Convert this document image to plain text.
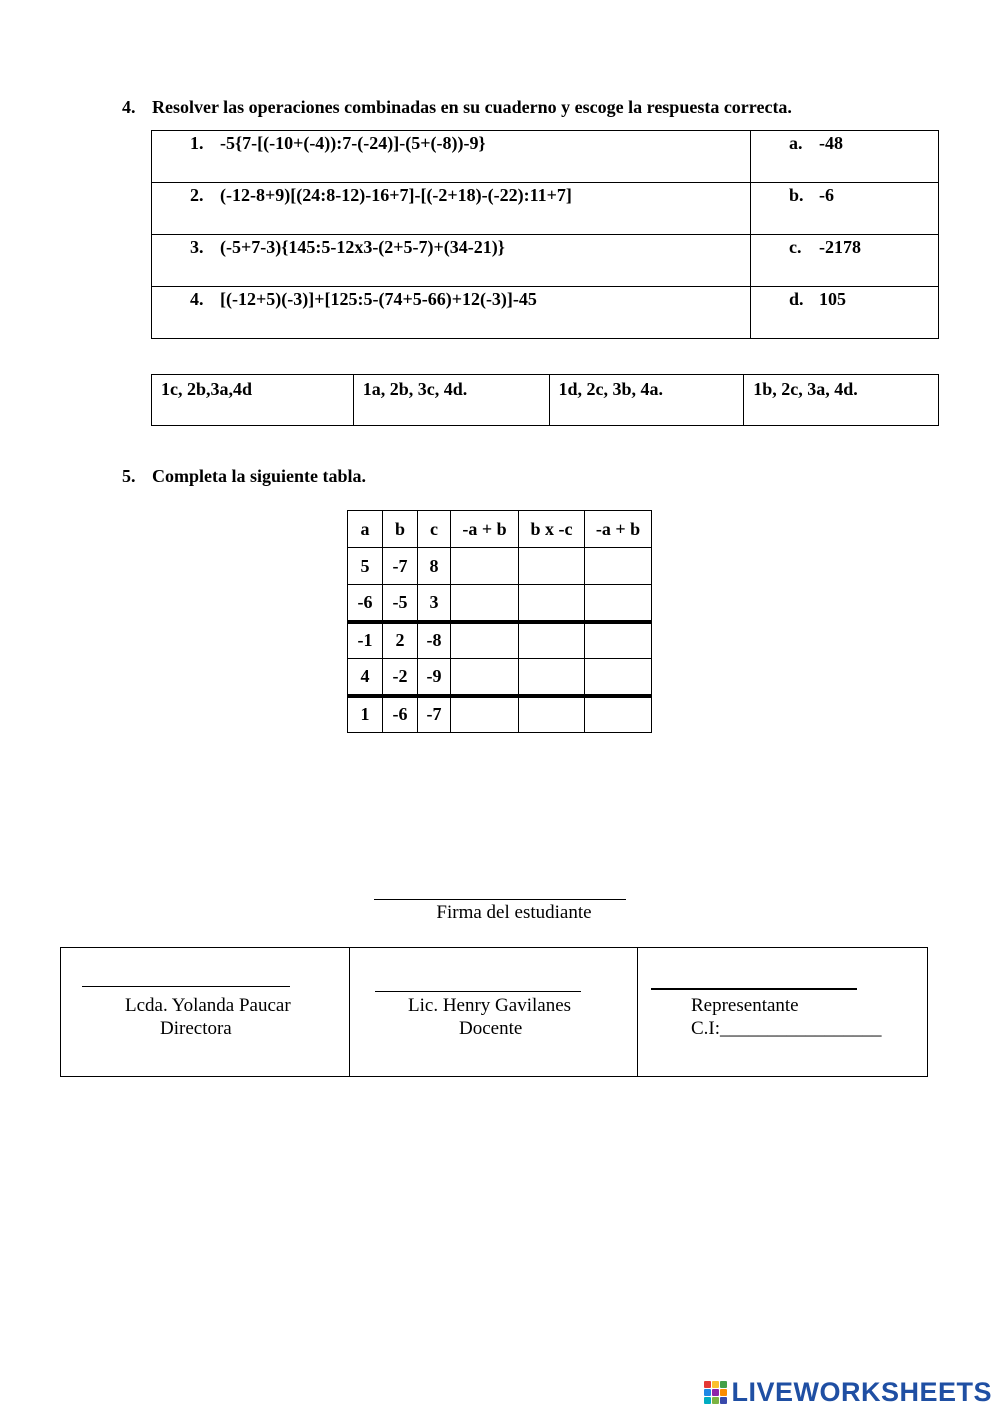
4. Resolver las operaciones combinadas en su cuaderno y escoge la respuesta correcta.
1. -5{7-[(-10+(-4)):7-(-24)]-(5+(-8))-9}	a. -48

2. (-12-8+9)[(24:8-12)-16+7]-[(-2+18)-(-22):11+7]	b. -6

3. (-5+7-3){145:5-12x3-(2+5-7)+(34-21)}	c. -2178

4. [(-12+5)(-3)]+[125:5-(74+5-66)+12(-3)]-45	d. 105
1c, 2b,3a,4d	1a, 2b, 3c, 4d.	1d, 2c, 3b, 4a.	1b, 2c, 3a, 4d.
5. Completa la siguiente tabla.
a	b	c	-a + b	b x -c	-a + b
5	-7	8			
-6	-5	3			
-1	2	-8			
4	-2	-9			
1	-6	-7			
Firma del estudiante
Lcda. Yolanda Paucar
Directora
Lic. Henry Gavilanes
Docente
Representante
C.I:_________________
LIVEWORKSHEETS
